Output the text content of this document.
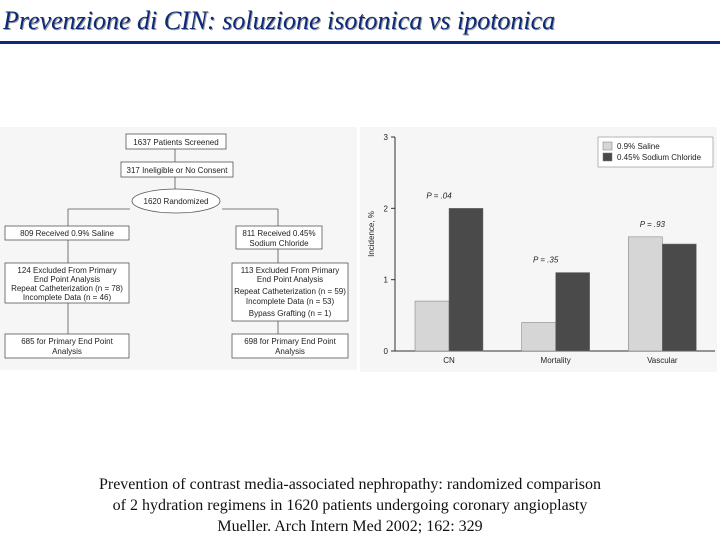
Prevenzione di CIN: soluzione isotonica vs ipotonica
1637 Patients Screened
317 Ineligible or No Consent
1620 Randomized
809 Received 0.9% Saline	811 Received 0.45%
Sodium Chloride
124 Excluded From Primary
End Point Analysis
Repeat Catheterization (n = 78)
Incomplete Data (n = 46)
113 Excluded From Primary
End Point Analysis
Repeat Catheterization (n = 59)
Incomplete Data (n = 53)
Bypass Grafting (n = 1)
685 for Primary End Point
Analysis
698 for Primary End Point
Analysis	0
1
2
3
Incidence, %
CN
P = .04
Mortality
P = .35
Vascular
P = .93
0.9% Saline
0.45% Sodium Chloride
Prevention of contrast media-associated nephropathy: randomized comparison
of 2 hydration regimens in 1620 patients undergoing coronary angioplasty
Mueller. Arch Intern Med 2002; 162: 329
